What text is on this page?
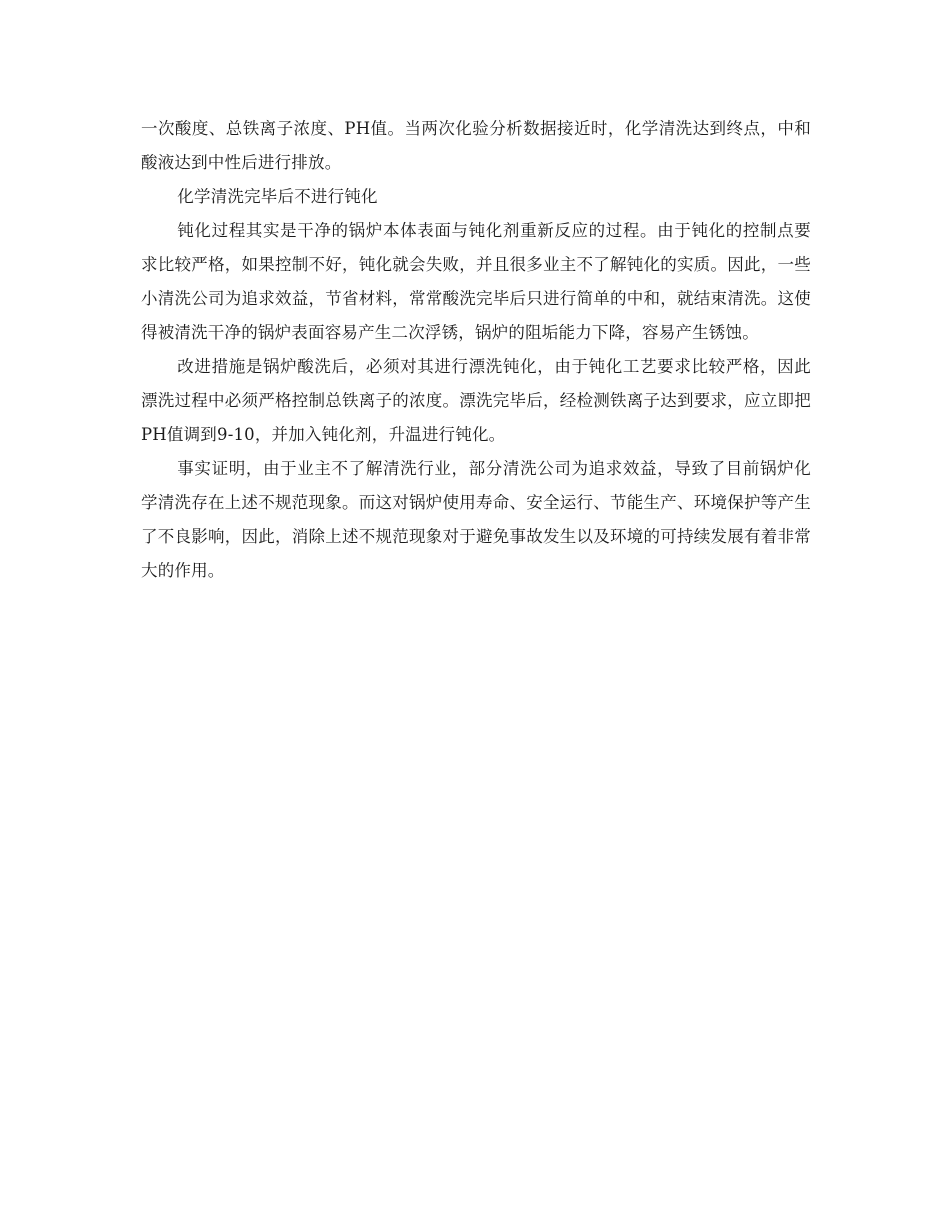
一次酸度、总铁离子浓度、PH值。当两次化验分析数据接近时，化学清洗达到终点，中和酸液达到中性后进行排放。

化学清洗完毕后不进行钝化

钝化过程其实是干净的锅炉本体表面与钝化剂重新反应的过程。由于钝化的控制点要求比较严格，如果控制不好，钝化就会失败，并且很多业主不了解钝化的实质。因此，一些小清洗公司为追求效益，节省材料，常常酸洗完毕后只进行简单的中和，就结束清洗。这使得被清洗干净的锅炉表面容易产生二次浮锈，锅炉的阻垢能力下降，容易产生锈蚀。

改进措施是锅炉酸洗后，必须对其进行漂洗钝化，由于钝化工艺要求比较严格，因此漂洗过程中必须严格控制总铁离子的浓度。漂洗完毕后，经检测铁离子达到要求，应立即把PH值调到9-10，并加入钝化剂，升温进行钝化。

事实证明，由于业主不了解清洗行业，部分清洗公司为追求效益，导致了目前锅炉化学清洗存在上述不规范现象。而这对锅炉使用寿命、安全运行、节能生产、环境保护等产生了不良影响，因此，消除上述不规范现象对于避免事故发生以及环境的可持续发展有着非常大的作用。
